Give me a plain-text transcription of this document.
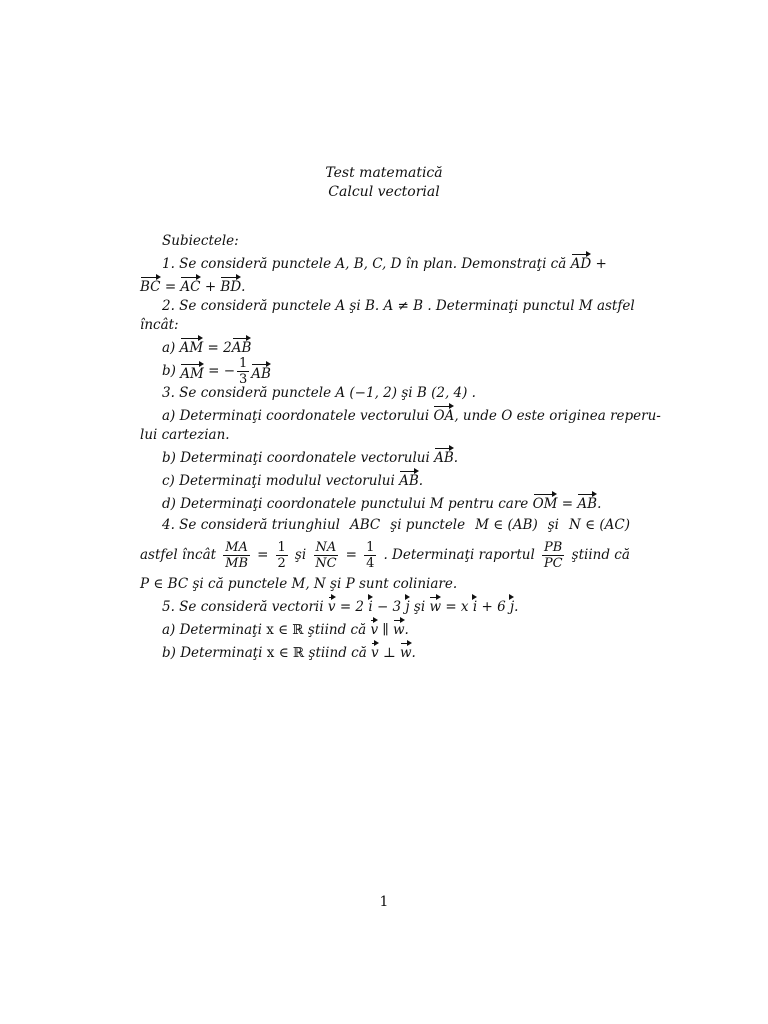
Test matematică
Calcul vectorial
Subiectele:
1. Se consideră punctele A, B, C, D în plan. Demonstraţi că AD +
BC = AC + BD.
2. Se consideră punctele A şi B. A ≠ B . Determinaţi punctul M astfel
încât:
a) AM = 2AB
b)
AM
= − $\frac{1}{3}$ AB
3. Se consideră punctele A (−1, 2) şi B (2, 4) .
a) Determinaţi coordonatele vectorului OA, unde O este originea reperu-
lui cartezian.
b) Determinaţi coordonatele vectorului AB.
c) Determinaţi modulul vectorului AB.
d) Determinaţi coordonatele punctului M pentru care OM = AB.
4. Se consideră triunghiul ABC şi punctele M ∈ (AB) şi N ∈ (AC)
astfel încât $\frac{MA}{MB} = \frac{1}{2}$ şi $\frac{NA}{NC} = \frac{1}{4}$ . Determinaţi raportul $\frac{PB}{PC}$ ştiind că
P ∈ BC şi că punctele M, N şi P sunt coliniare.
5. Se consideră vectorii v = 2 i − 3 j şi w = x i + 6 j.
a) Determinaţi x ∈ ℝ ştiind că v ∥ w.
b) Determinaţi x ∈ ℝ ştiind că v ⊥ w.
1
